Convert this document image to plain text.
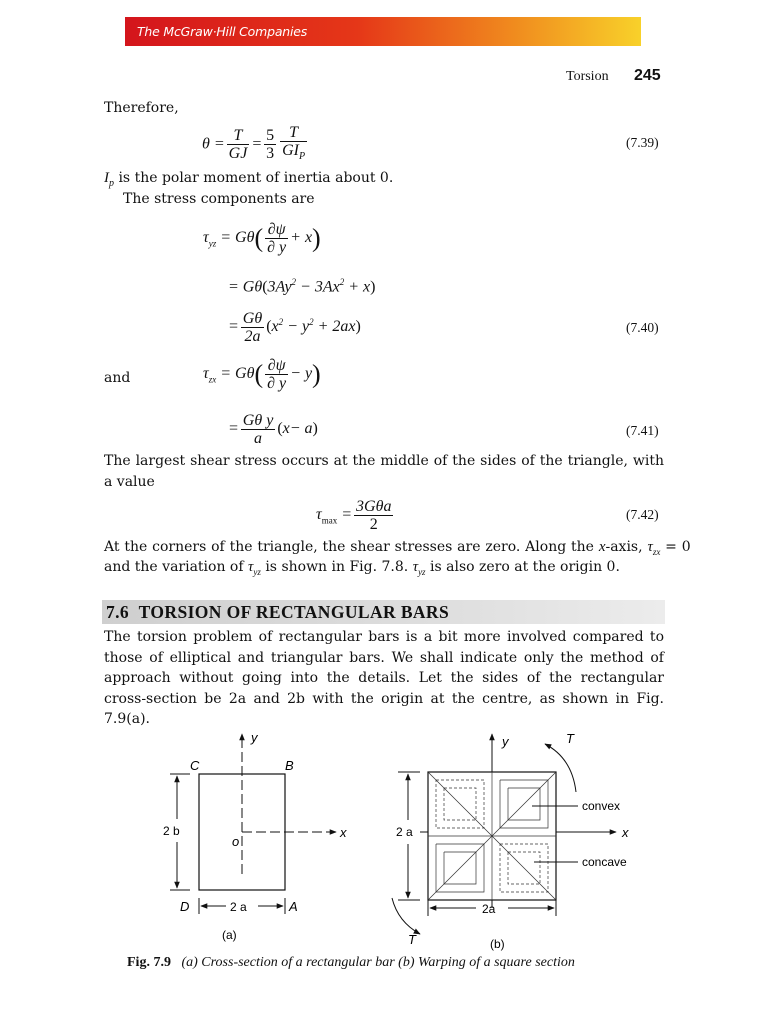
The McGraw·Hill Companies
Torsion 245
Therefore,
$\theta = \frac{T}{GJ} = \frac{5}{3} \frac{T}{GI_P}$	(7.39)
$I_p$ is the polar moment of inertia about 0.
The stress components are
$\tau_{yz} = G\theta( \frac{\partial\psi}{\partial y} + x)$
= $G\theta(3Ay^2 - 3Ax^2 + x)$
= $\frac{G\theta}{2a} (x^2 - y^2 + 2ax)$	(7.40)
and	$\tau_{zx} = G\theta( \frac{\partial\psi}{\partial y} - y)$
= $\frac{\text{Gθ y}}{a} (x- a)$	(7.41)
The largest shear stress occurs at the middle of the sides of the triangle, with a value
$\tau_{max} = \frac{\text{3Gθa}}{2}$	(7.42)
At the corners of the triangle, the shear stresses are zero. Along the x-axis, $\tau_{zx} = 0$
and the variation of $\tau_{yz}$ is shown in Fig. 7.8. $\tau_{yz}$ is also zero at the origin 0.
7.6 TORSION OF RECTANGULAR BARS
The torsion problem of rectangular bars is a bit more involved compared to those of elliptical and triangular bars. We shall indicate only the method of approach without going into the details. Let the sides of the rectangular cross-section be 2a and 2b with the origin at the centre, as shown in Fig. 7.9(a).
y
x
C	B
D	A
o
2 b
2 a
(a)
y
x
T
T
convex
concave
2 a
2a
(b)
Fig. 7.9 (a) Cross-section of a rectangular bar (b) Warping of a square section
